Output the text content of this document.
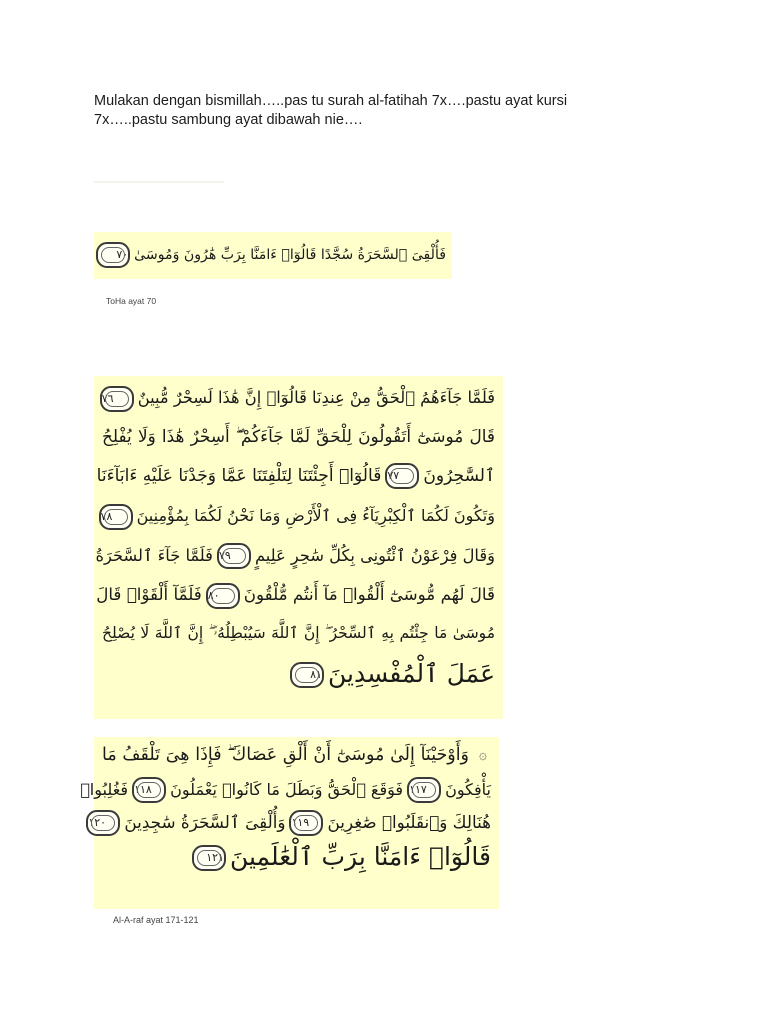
Mulakan dengan bismillah…..pas tu surah al-fatihah 7x….pastu ayat kursi
7x…..pastu sambung ayat dibawah nie….
فَأُلْقِىَ ٱلسَّحَرَةُ سُجَّدًا قَالُوٓا۟ ءَامَنَّا بِرَبِّ هَٰرُونَ وَمُوسَىٰ٧٠
ToHa ayat 70
فَلَمَّا جَآءَهُمُ ٱلْحَقُّ مِنْ عِندِنَا قَالُوٓا۟ إِنَّ هَٰذَا لَسِحْرٌ مُّبِينٌ٧٦
قَالَ مُوسَىٰٓ أَتَقُولُونَ لِلْحَقِّ لَمَّا جَآءَكُمْ ۖ أَسِحْرٌ هَٰذَا وَلَا يُفْلِحُ
ٱلسَّٰحِرُونَ٧٧قَالُوٓا۟ أَجِئْتَنَا لِتَلْفِتَنَا عَمَّا وَجَدْنَا عَلَيْهِ ءَابَآءَنَا
وَتَكُونَ لَكُمَا ٱلْكِبْرِيَآءُ فِى ٱلْأَرْضِ وَمَا نَحْنُ لَكُمَا بِمُؤْمِنِينَ٧٨
وَقَالَ فِرْعَوْنُ ٱئْتُونِى بِكُلِّ سَٰحِرٍ عَلِيمٍ٧٩فَلَمَّا جَآءَ ٱلسَّحَرَةُ
قَالَ لَهُم مُّوسَىٰٓ أَلْقُوا۟ مَآ أَنتُم مُّلْقُونَ٨٠فَلَمَّآ أَلْقَوْا۟ قَالَ
مُوسَىٰ مَا جِئْتُم بِهِ ٱلسِّحْرُ ۖ إِنَّ ٱللَّهَ سَيُبْطِلُهُۥٓ ۖ إِنَّ ٱللَّهَ لَا يُصْلِحُ
عَمَلَ ٱلْمُفْسِدِينَ٨١
۞وَأَوْحَيْنَآ إِلَىٰ مُوسَىٰٓ أَنْ أَلْقِ عَصَاكَ ۖ فَإِذَا هِىَ تَلْقَفُ مَا
يَأْفِكُونَ١١٧فَوَقَعَ ٱلْحَقُّ وَبَطَلَ مَا كَانُوا۟ يَعْمَلُونَ١١٨فَغُلِبُوا۟
هُنَالِكَ وَٱنقَلَبُوا۟ صَٰغِرِينَ١١٩وَأُلْقِىَ ٱلسَّحَرَةُ سَٰجِدِينَ١٢٠
قَالُوٓا۟ ءَامَنَّا بِرَبِّ ٱلْعَٰلَمِينَ١٢١
Al-A-raf ayat 171-121
